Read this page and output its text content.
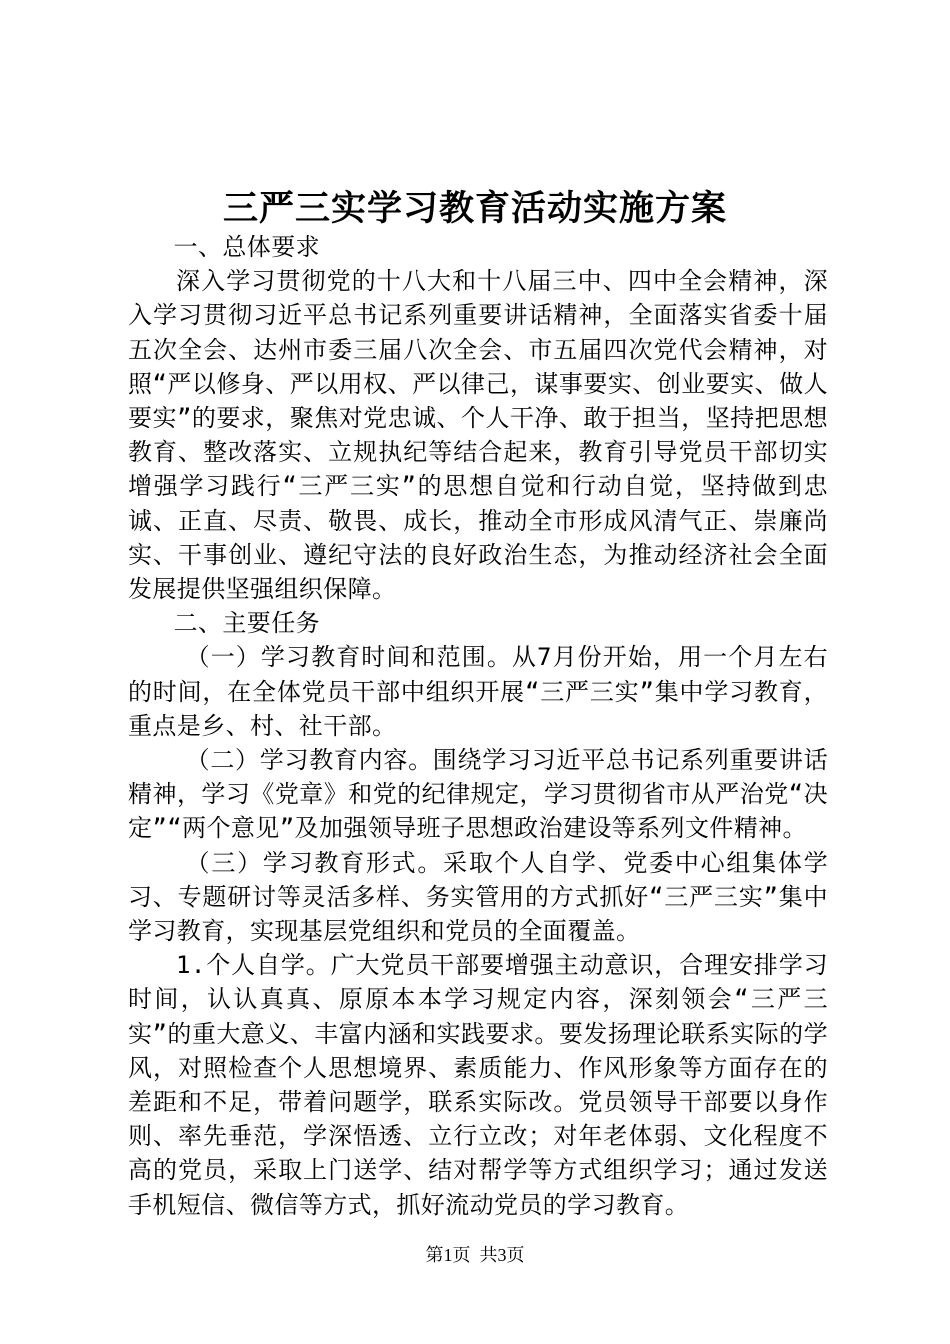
三严三实学习教育活动实施方案

一、总体要求

深入学习贯彻党的十八大和十八届三中、四中全会精神，深入学习贯彻习近平总书记系列重要讲话精神，全面落实省委十届五次全会、达州市委三届八次全会、市五届四次党代会精神，对照“严以修身、严以用权、严以律己，谋事要实、创业要实、做人要实”的要求，聚焦对党忠诚、个人干净、敢于担当，坚持把思想教育、整改落实、立规执纪等结合起来，教育引导党员干部切实增强学习践行“三严三实”的思想自觉和行动自觉，坚持做到忠诚、正直、尽责、敬畏、成长，推动全市形成风清气正、崇廉尚实、干事创业、遵纪守法的良好政治生态，为推动经济社会全面发展提供坚强组织保障。

二、主要任务

（一）学习教育时间和范围。从7月份开始，用一个月左右的时间，在全体党员干部中组织开展“三严三实”集中学习教育，重点是乡、村、社干部。

（二）学习教育内容。围绕学习习近平总书记系列重要讲话精神，学习《党章》和党的纪律规定，学习贯彻省市从严治党“决定”“两个意见”及加强领导班子思想政治建设等系列文件精神。

（三）学习教育形式。采取个人自学、党委中心组集体学习、专题研讨等灵活多样、务实管用的方式抓好“三严三实”集中学习教育，实现基层党组织和党员的全面覆盖。

1.个人自学。广大党员干部要增强主动意识，合理安排学习时间，认认真真、原原本本学习规定内容，深刻领会“三严三实”的重大意义、丰富内涵和实践要求。要发扬理论联系实际的学风，对照检查个人思想境界、素质能力、作风形象等方面存在的差距和不足，带着问题学，联系实际改。党员领导干部要以身作则、率先垂范，学深悟透、立行立改；对年老体弱、文化程度不高的党员，采取上门送学、结对帮学等方式组织学习；通过发送手机短信、微信等方式，抓好流动党员的学习教育。

第1页  共3页
